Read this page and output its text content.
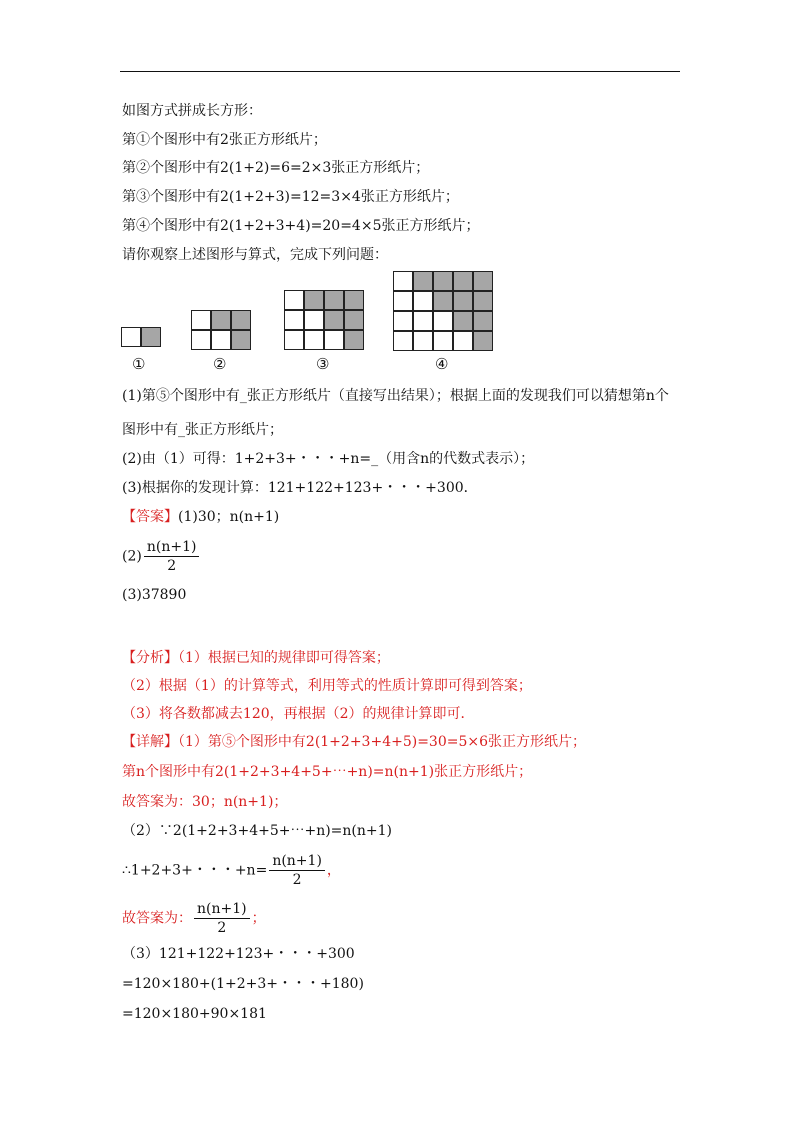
如图方式拼成长方形：
第①个图形中有2张正方形纸片；
第②个图形中有2(1+2)=6=2×3张正方形纸片；
第③个图形中有2(1+2+3)=12=3×4张正方形纸片；
第④个图形中有2(1+2+3+4)=20=4×5张正方形纸片；
请你观察上述图形与算式，完成下列问题：
①	②	③	④
(1)第⑤个图形中有_张正方形纸片（直接写出结果）；根据上面的发现我们可以猜想第n个
图形中有_张正方形纸片；
(2)由（1）可得：1+2+3+・・・+n=_（用含n的代数式表示）；
(3)根据你的发现计算：121+122+123+・・・+300．
【答案】(1)30；n(n+1)
$(2) \frac{n(n+1)}{2}$
(3)37890
【分析】（1）根据已知的规律即可得答案；
（2）根据（1）的计算等式，利用等式的性质计算即可得到答案；
（3）将各数都减去120，再根据（2）的规律计算即可．
【详解】（1）第⑤个图形中有2(1+2+3+4+5)=30=5×6张正方形纸片；
第n个图形中有2(1+2+3+4+5+⋯+n)=n(n+1)张正方形纸片；
故答案为：30；n(n+1)；
（2）∵2(1+2+3+4+5+⋯+n)=n(n+1)
∴1+2+3+・・・$+n= \frac{n(n+1)}{2}$ ，
故答案为： $\frac{n(n+1)}{2}$ ；
（3）121+122+123+・・・+300
=120×180+(1+2+3+・・・+180)
=120×180+90×181
